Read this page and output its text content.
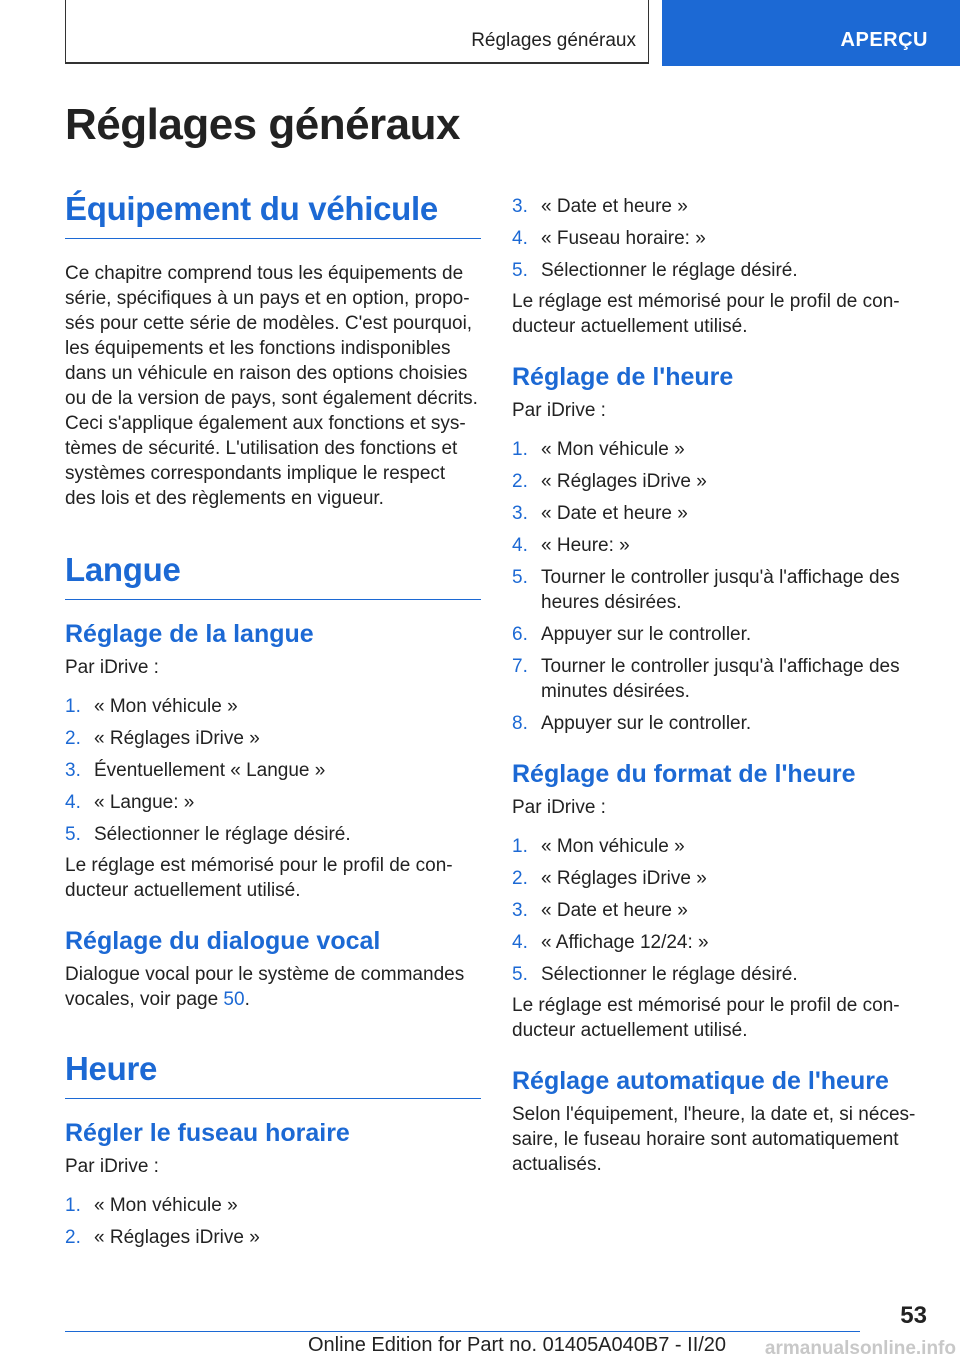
Réglages généraux	APERÇU
Réglages généraux
Équipement du véhicule

Ce chapitre comprend tous les équipements de série, spécifiques à un pays et en option, proposés pour cette série de modèles. C'est pourquoi, les équipements et les fonctions indisponibles dans un véhicule en raison des options choisies ou de la version de pays, sont également décrits. Ceci s'applique également aux fonctions et systèmes de sécurité. L'utilisation des fonctions et systèmes correspondants implique le respect des lois et des règlements en vigueur.

Langue
Réglage de la langue

Par iDrive :

1. « Mon véhicule »
2. « Réglages iDrive »
3. Éventuellement « Langue »
4. « Langue: »
5. Sélectionner le réglage désiré.

Le réglage est mémorisé pour le profil de conducteur actuellement utilisé.

Réglage du dialogue vocal

Dialogue vocal pour le système de commandes vocales, voir page 50.

Heure
Régler le fuseau horaire

Par iDrive :

1. « Mon véhicule »
2. « Réglages iDrive »
3. « Date et heure »
4. « Fuseau horaire: »
5. Sélectionner le réglage désiré.

Le réglage est mémorisé pour le profil de conducteur actuellement utilisé.

Réglage de l'heure

Par iDrive :

1. « Mon véhicule »
2. « Réglages iDrive »
3. « Date et heure »
4. « Heure: »
5. Tourner le controller jusqu'à l'affichage des heures désirées.
6. Appuyer sur le controller.
7. Tourner le controller jusqu'à l'affichage des minutes désirées.
8. Appuyer sur le controller.
Réglage du format de l'heure

Par iDrive :

1. « Mon véhicule »
2. « Réglages iDrive »
3. « Date et heure »
4. « Affichage 12/24: »
5. Sélectionner le réglage désiré.

Le réglage est mémorisé pour le profil de conducteur actuellement utilisé.

Réglage automatique de l'heure

Selon l'équipement, l'heure, la date et, si nécessaire, le fuseau horaire sont automatiquement actualisés.

53
Online Edition for Part no. 01405A040B7 - II/20 armanualsonline.info
